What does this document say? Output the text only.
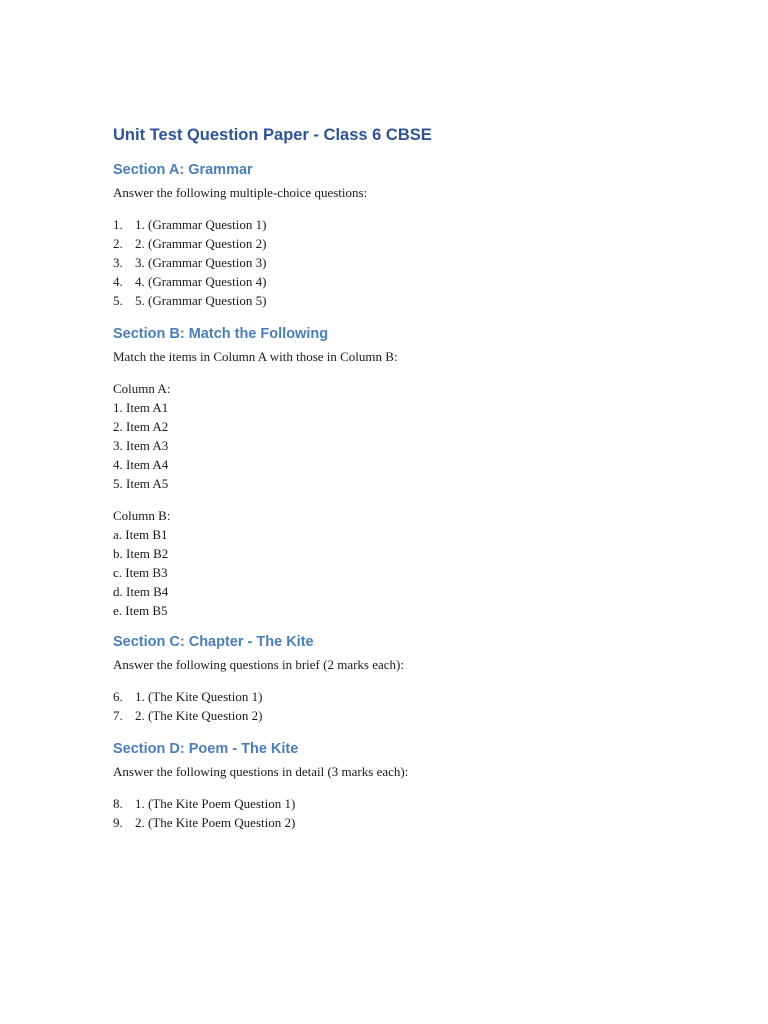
Unit Test Question Paper - Class 6 CBSE
Section A: Grammar

Answer the following multiple-choice questions:

1. 1. (Grammar Question 1)
2. 2. (Grammar Question 2)
3. 3. (Grammar Question 3)
4. 4. (Grammar Question 4)
5. 5. (Grammar Question 5)
Section B: Match the Following

Match the items in Column A with those in Column B:

Column A:
1. Item A1
2. Item A2
3. Item A3
4. Item A4
5. Item A5
Column B:
a. Item B1
b. Item B2
c. Item B3
d. Item B4
e. Item B5
Section C: Chapter - The Kite

Answer the following questions in brief (2 marks each):

6. 1. (The Kite Question 1)
7. 2. (The Kite Question 2)
Section D: Poem - The Kite

Answer the following questions in detail (3 marks each):

8. 1. (The Kite Poem Question 1)
9. 2. (The Kite Poem Question 2)
